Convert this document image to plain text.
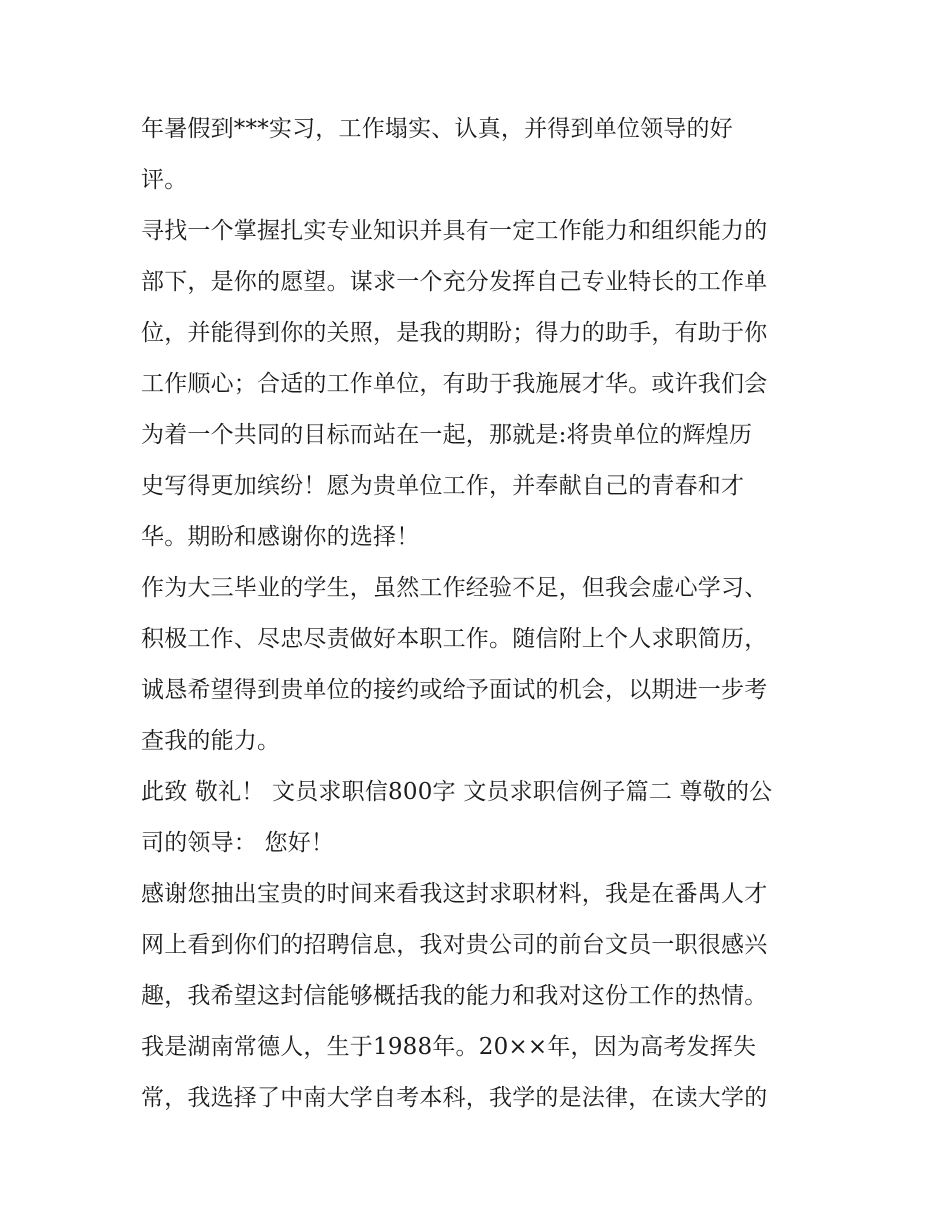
年暑假到***实习，工作塌实、认真，并得到单位领导的好
评。
寻找一个掌握扎实专业知识并具有一定工作能力和组织能力的
部下，是你的愿望。谋求一个充分发挥自己专业特长的工作单
位，并能得到你的关照，是我的期盼；得力的助手，有助于你
工作顺心；合适的工作单位，有助于我施展才华。或许我们会
为着一个共同的目标而站在一起，那就是:将贵单位的辉煌历
史写得更加缤纷！愿为贵单位工作，并奉献自己的青春和才
华。期盼和感谢你的选择！
作为大三毕业的学生，虽然工作经验不足，但我会虚心学习、
积极工作、尽忠尽责做好本职工作。随信附上个人求职简历，
诚恳希望得到贵单位的接约或给予面试的机会，以期进一步考
查我的能力。
此致 敬礼！ 文员求职信800字 文员求职信例子篇二 尊敬的公
司的领导： 您好！
感谢您抽出宝贵的时间来看我这封求职材料，我是在番禺人才
网上看到你们的招聘信息，我对贵公司的前台文员一职很感兴
趣，我希望这封信能够概括我的能力和我对这份工作的热情。
我是湖南常德人，生于1988年。20××年，因为高考发挥失
常，我选择了中南大学自考本科，我学的是法律，在读大学的
